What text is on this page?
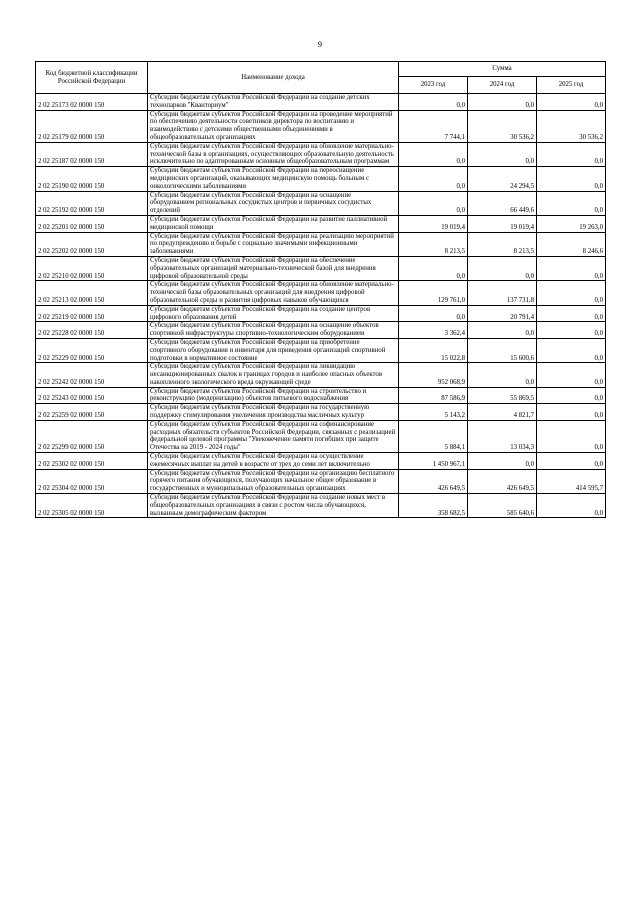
9
Код бюджетной классификации Российской Федерации	Наименование дохода	Сумма		
		2023 год	2024 год	2025 год
2 02 25173 02 0000 150	Субсидии бюджетам субъектов Российской Федерации на создание детских технопарков "Кванториум"	0,0	0,0	0,0
2 02 25179 02 0000 150	Субсидии бюджетам субъектов Российской Федерации на проведение мероприятий по обеспечению деятельности советников директора по воспитанию и взаимодействию с детскими общественными объединениями в общеобразовательных организациях	7 744,1	30 536,2	30 536,2
2 02 25187 02 0000 150	Субсидии бюджетам субъектов Российской Федерации на обновление материально-технической базы в организациях, осуществляющих образовательную деятельность исключительно по адаптированным основным общеобразовательным программам	0,0	0,0	0,0
2 02 25190 02 0000 150	Субсидии бюджетам субъектов Российской Федерации на переоснащение медицинских организаций, оказывающих медицинскую помощь больным с онкологическими заболеваниями	0,0	24 294,5	0,0
2 02 25192 02 0000 150	Субсидии бюджетам субъектов Российской Федерации на оснащение оборудованием региональных сосудистых центров и первичных сосудистых отделений	0,0	66 449,6	0,0
2 02 25201 02 0000 150	Субсидии бюджетам субъектов Российской Федерации на развитие паллиативной медицинской помощи	19 019,4	19 019,4	19 263,0
2 02 25202 02 0000 150	Субсидии бюджетам субъектов Российской Федерации на реализацию мероприятий по предупреждению и борьбе с социально значимыми инфекционными заболеваниями	8 213,5	8 213,5	8 246,6
2 02 25210 02 0000 150	Субсидии бюджетам субъектов Российской Федерации на обеспечение образовательных организаций материально-технической базой для внедрения цифровой образовательной среды	0,0	0,0	0,0
2 02 25213 02 0000 150	Субсидии бюджетам субъектов Российской Федерации на обновление материально-технической базы образовательных организаций для внедрения цифровой образовательной среды и развития цифровых навыков обучающихся	129 761,0	137 731,8	0,0
2 02 25219 02 0000 150	Субсидии бюджетам субъектов Российской Федерации на создание центров цифрового образования детей	0,0	20 791,4	0,0
2 02 25228 02 0000 150	Субсидии бюджетам субъектов Российской Федерации на оснащение объектов спортивной инфраструктуры спортивно-технологическим оборудованием	3 362,4	0,0	0,0
2 02 25229 02 0000 150	Субсидии бюджетам субъектов Российской Федерации на приобретение спортивного оборудования и инвентаря для приведения организаций спортивной подготовки в нормативное состояние	15 022,8	15 600,6	0,0
2 02 25242 02 0000 150	Субсидии бюджетам субъектов Российской Федерации на ликвидацию несанкционированных свалок в границах городов и наиболее опасных объектов накопленного экологического вреда окружающей среде	952 068,9	0,0	0,0
2 02 25243 02 0000 150	Субсидии бюджетам субъектов Российской Федерации на строительство и реконструкцию (модернизацию) объектов питьевого водоснабжения	87 586,9	55 869,5	0,0
2 02 25259 02 0000 150	Субсидии бюджетам субъектов Российской Федерации на государственную поддержку стимулирования увеличения производства масличных культур	5 143,2	4 821,7	0,0
2 02 25299 02 0000 150	Субсидии бюджетам субъектов Российской Федерации на софинансирование расходных обязательств субъектов Российской Федерации, связанных с реализацией федеральной целевой программы "Увековечение памяти погибших при защите Отечества на 2019 - 2024 годы"	5 884,1	13 034,3	0,0
2 02 25302 02 0000 150	Субсидии бюджетам субъектов Российской Федерации на осуществление ежемесячных выплат на детей в возрасте от трех до семи лет включительно	1 450 967,1	0,0	0,0
2 02 25304 02 0000 150	Субсидии бюджетам субъектов Российской Федерации на организацию бесплатного горячего питания обучающихся, получающих начальное общее образование в государственных и муниципальных образовательных организациях	426 649,5	426 649,5	414 595,7
2 02 25305 02 0000 150	Субсидии бюджетам субъектов Российской Федерации на создание новых мест в общеобразовательных организациях в связи с ростом числа обучающихся, вызванным демографическим фактором	358 682,5	585 640,6	0,0
